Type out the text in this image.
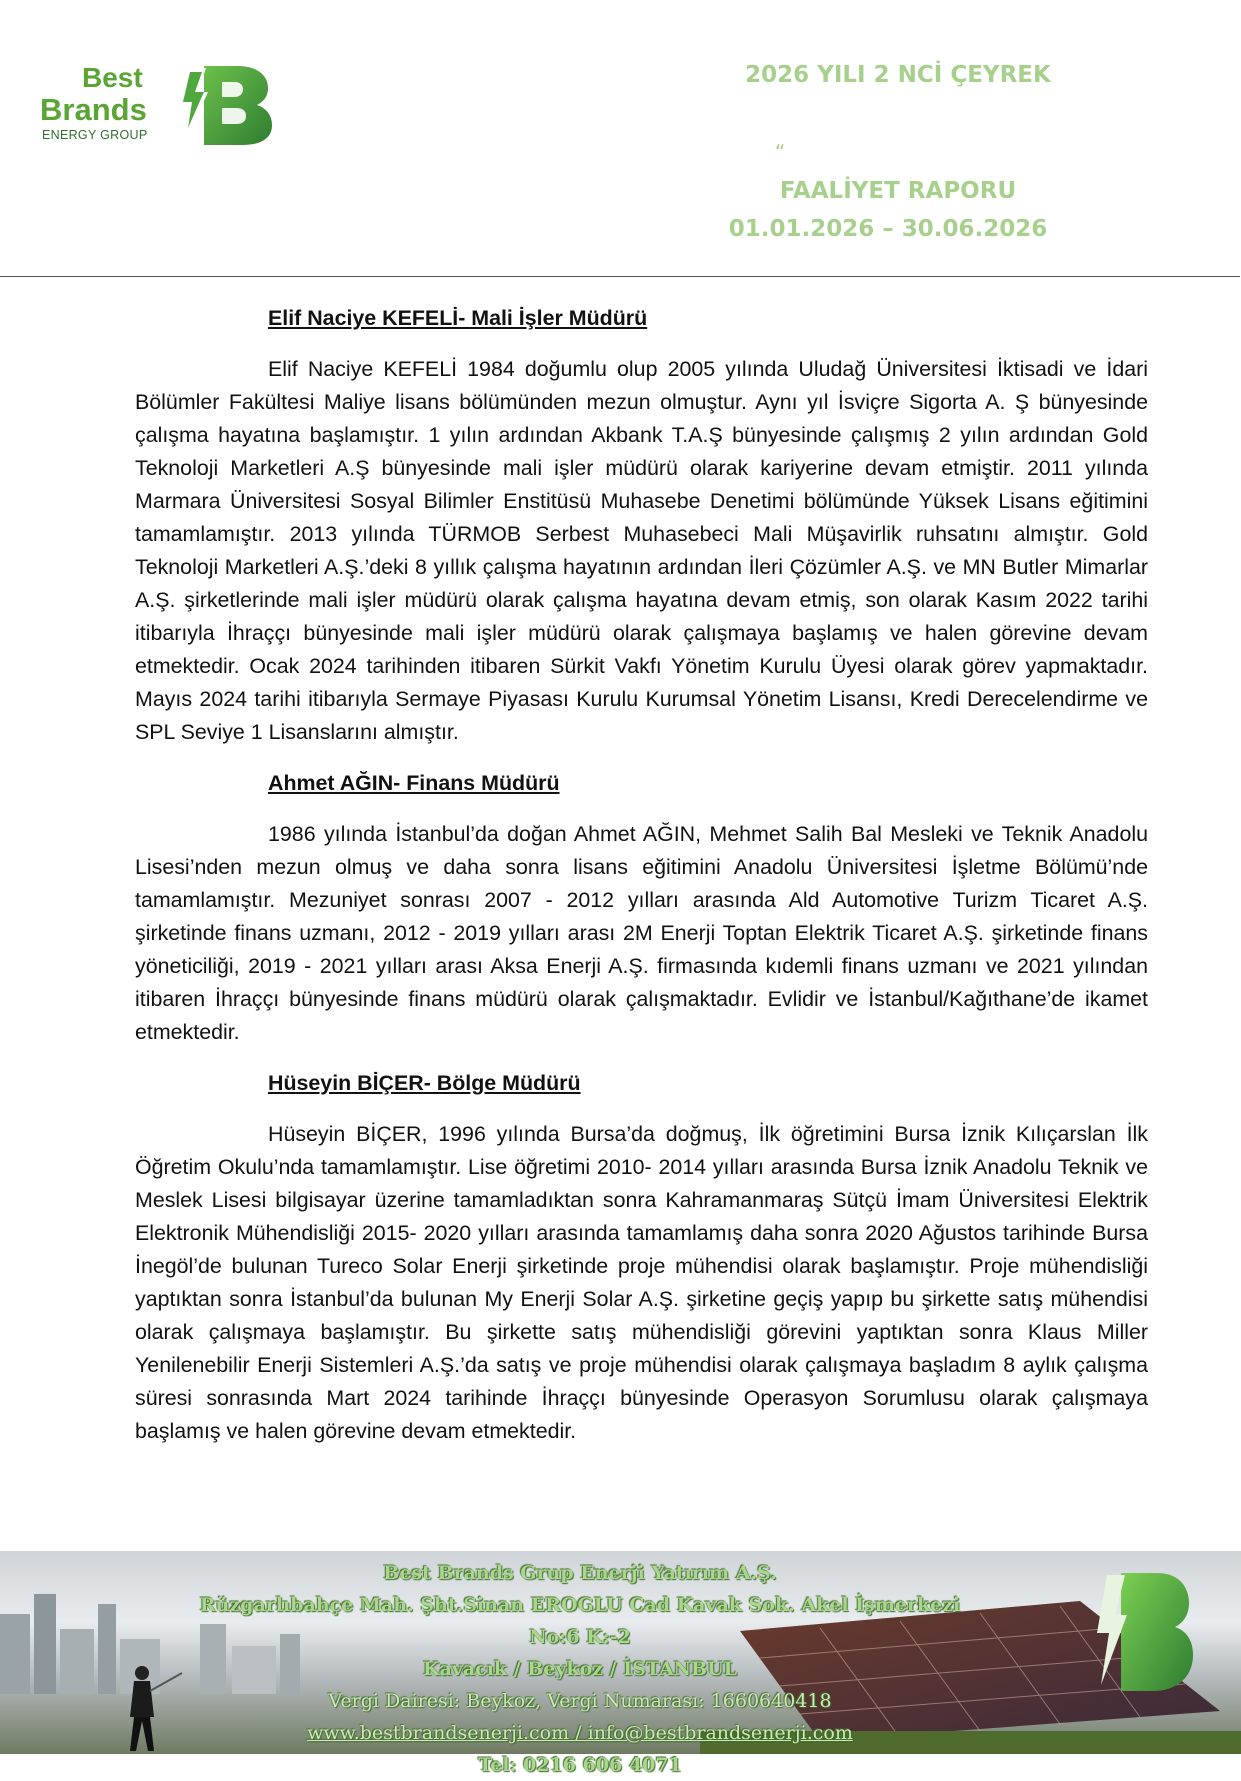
Best
Brands
ENERGY GROUP
2026 YILI 2 NCİ ÇEYREK
“
FAALİYET RAPORU
01.01.2026 – 30.06.2026
Elif Naciye KEFELİ- Mali İşler Müdürü

Elif Naciye KEFELİ 1984 doğumlu olup 2005 yılında Uludağ Üniversitesi İktisadi ve İdari Bölümler Fakültesi Maliye lisans bölümünden mezun olmuştur. Aynı yıl İsviçre Sigorta A. Ş bünyesinde çalışma hayatına başlamıştır. 1 yılın ardından Akbank T.A.Ş bünyesinde çalışmış 2 yılın ardından Gold Teknoloji Marketleri A.Ş bünyesinde mali işler müdürü olarak kariyerine devam etmiştir. 2011 yılında Marmara Üniversitesi Sosyal Bilimler Enstitüsü Muhasebe Denetimi bölümünde Yüksek Lisans eğitimini tamamlamıştır. 2013 yılında TÜRMOB Serbest Muhasebeci Mali Müşavirlik ruhsatını almıştır. Gold Teknoloji Marketleri A.Ş.’deki 8 yıllık çalışma hayatının ardından İleri Çözümler A.Ş. ve MN Butler Mimarlar A.Ş. şirketlerinde mali işler müdürü olarak çalışma hayatına devam etmiş, son olarak Kasım 2022 tarihi itibarıyla İhraççı bünyesinde mali işler müdürü olarak çalışmaya başlamış ve halen görevine devam etmektedir. Ocak 2024 tarihinden itibaren Sürkit Vakfı Yönetim Kurulu Üyesi olarak görev yapmaktadır. Mayıs 2024 tarihi itibarıyla Sermaye Piyasası Kurulu Kurumsal Yönetim Lisansı, Kredi Derecelendirme ve SPL Seviye 1 Lisanslarını almıştır.

Ahmet AĞIN- Finans Müdürü

1986 yılında İstanbul’da doğan Ahmet AĞIN, Mehmet Salih Bal Mesleki ve Teknik Anadolu Lisesi’nden mezun olmuş ve daha sonra lisans eğitimini Anadolu Üniversitesi İşletme Bölümü’nde tamamlamıştır. Mezuniyet sonrası 2007 - 2012 yılları arasında Ald Automotive Turizm Ticaret A.Ş. şirketinde finans uzmanı, 2012 - 2019 yılları arası 2M Enerji Toptan Elektrik Ticaret A.Ş. şirketinde finans yöneticiliği, 2019 - 2021 yılları arası Aksa Enerji A.Ş. firmasında kıdemli finans uzmanı ve 2021 yılından itibaren İhraççı bünyesinde finans müdürü olarak çalışmaktadır. Evlidir ve İstanbul/Kağıthane’de ikamet etmektedir.

Hüseyin BİÇER- Bölge Müdürü

Hüseyin BİÇER, 1996 yılında Bursa’da doğmuş, İlk öğretimini Bursa İznik Kılıçarslan İlk Öğretim Okulu’nda tamamlamıştır. Lise öğretimi 2010- 2014 yılları arasında Bursa İznik Anadolu Teknik ve Meslek Lisesi bilgisayar üzerine tamamladıktan sonra Kahramanmaraş Sütçü İmam Üniversitesi Elektrik Elektronik Mühendisliği 2015- 2020 yılları arasında tamamlamış daha sonra 2020 Ağustos tarihinde Bursa İnegöl’de bulunan Tureco Solar Enerji şirketinde proje mühendisi olarak başlamıştır. Proje mühendisliği yaptıktan sonra İstanbul’da bulunan My Enerji Solar A.Ş. şirketine geçiş yapıp bu şirkette satış mühendisi olarak çalışmaya başlamıştır. Bu şirkette satış mühendisliği görevini yaptıktan sonra Klaus Miller Yenilenebilir Enerji Sistemleri A.Ş.’da satış ve proje mühendisi olarak çalışmaya başladım 8 aylık çalışma süresi sonrasında Mart 2024 tarihinde İhraççı bünyesinde Operasyon Sorumlusu olarak çalışmaya başlamış ve halen görevine devam etmektedir.

Best Brands Grup Enerji Yatırım A.Ş.

Rüzgarlıbahçe Mah. Şht.Sinan EROGLU Cad Kavak Sok. Akel İşmerkezi No:6 K:-2

Kavacık / Beykoz / İSTANBUL

Vergi Dairesi: Beykoz, Vergi Numarası: 1660640418

www.bestbrandsenerji.com / info@bestbrandsenerji.com

Tel: 0216 606 4071
